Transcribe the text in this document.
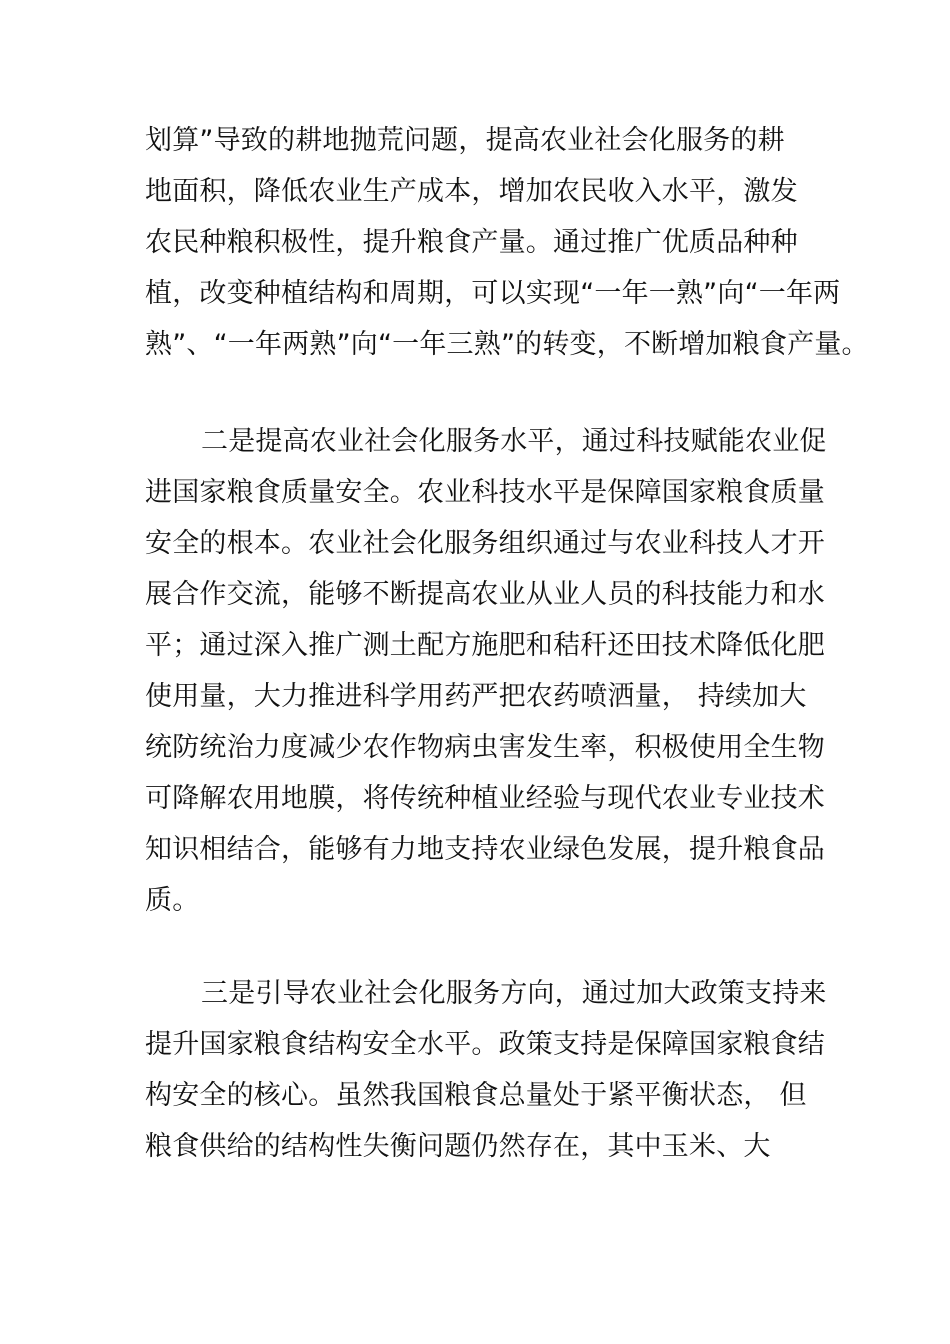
划算”导致的耕地抛荒问题，提高农业社会化服务的耕
地面积，降低农业生产成本，增加农民收入水平，激发
农民种粮积极性，提升粮食产量。通过推广优质品种种
植，改变种植结构和周期，可以实现“一年一熟”向“一年两
熟”、“一年两熟”向“一年三熟”的转变，不断增加粮食产量。
二是提高农业社会化服务水平，通过科技赋能农业促
进国家粮食质量安全。农业科技水平是保障国家粮食质量
安全的根本。农业社会化服务组织通过与农业科技人才开
展合作交流，能够不断提高农业从业人员的科技能力和水
平；通过深入推广测土配方施肥和秸秆还田技术降低化肥
使用量，大力推进科学用药严把农药喷洒量， 持续加大
统防统治力度减少农作物病虫害发生率，积极使用全生物
可降解农用地膜，将传统种植业经验与现代农业专业技术
知识相结合，能够有力地支持农业绿色发展，提升粮食品
质。
三是引导农业社会化服务方向，通过加大政策支持来
提升国家粮食结构安全水平。政策支持是保障国家粮食结
构安全的核心。虽然我国粮食总量处于紧平衡状态， 但
粮食供给的结构性失衡问题仍然存在，其中玉米、大
